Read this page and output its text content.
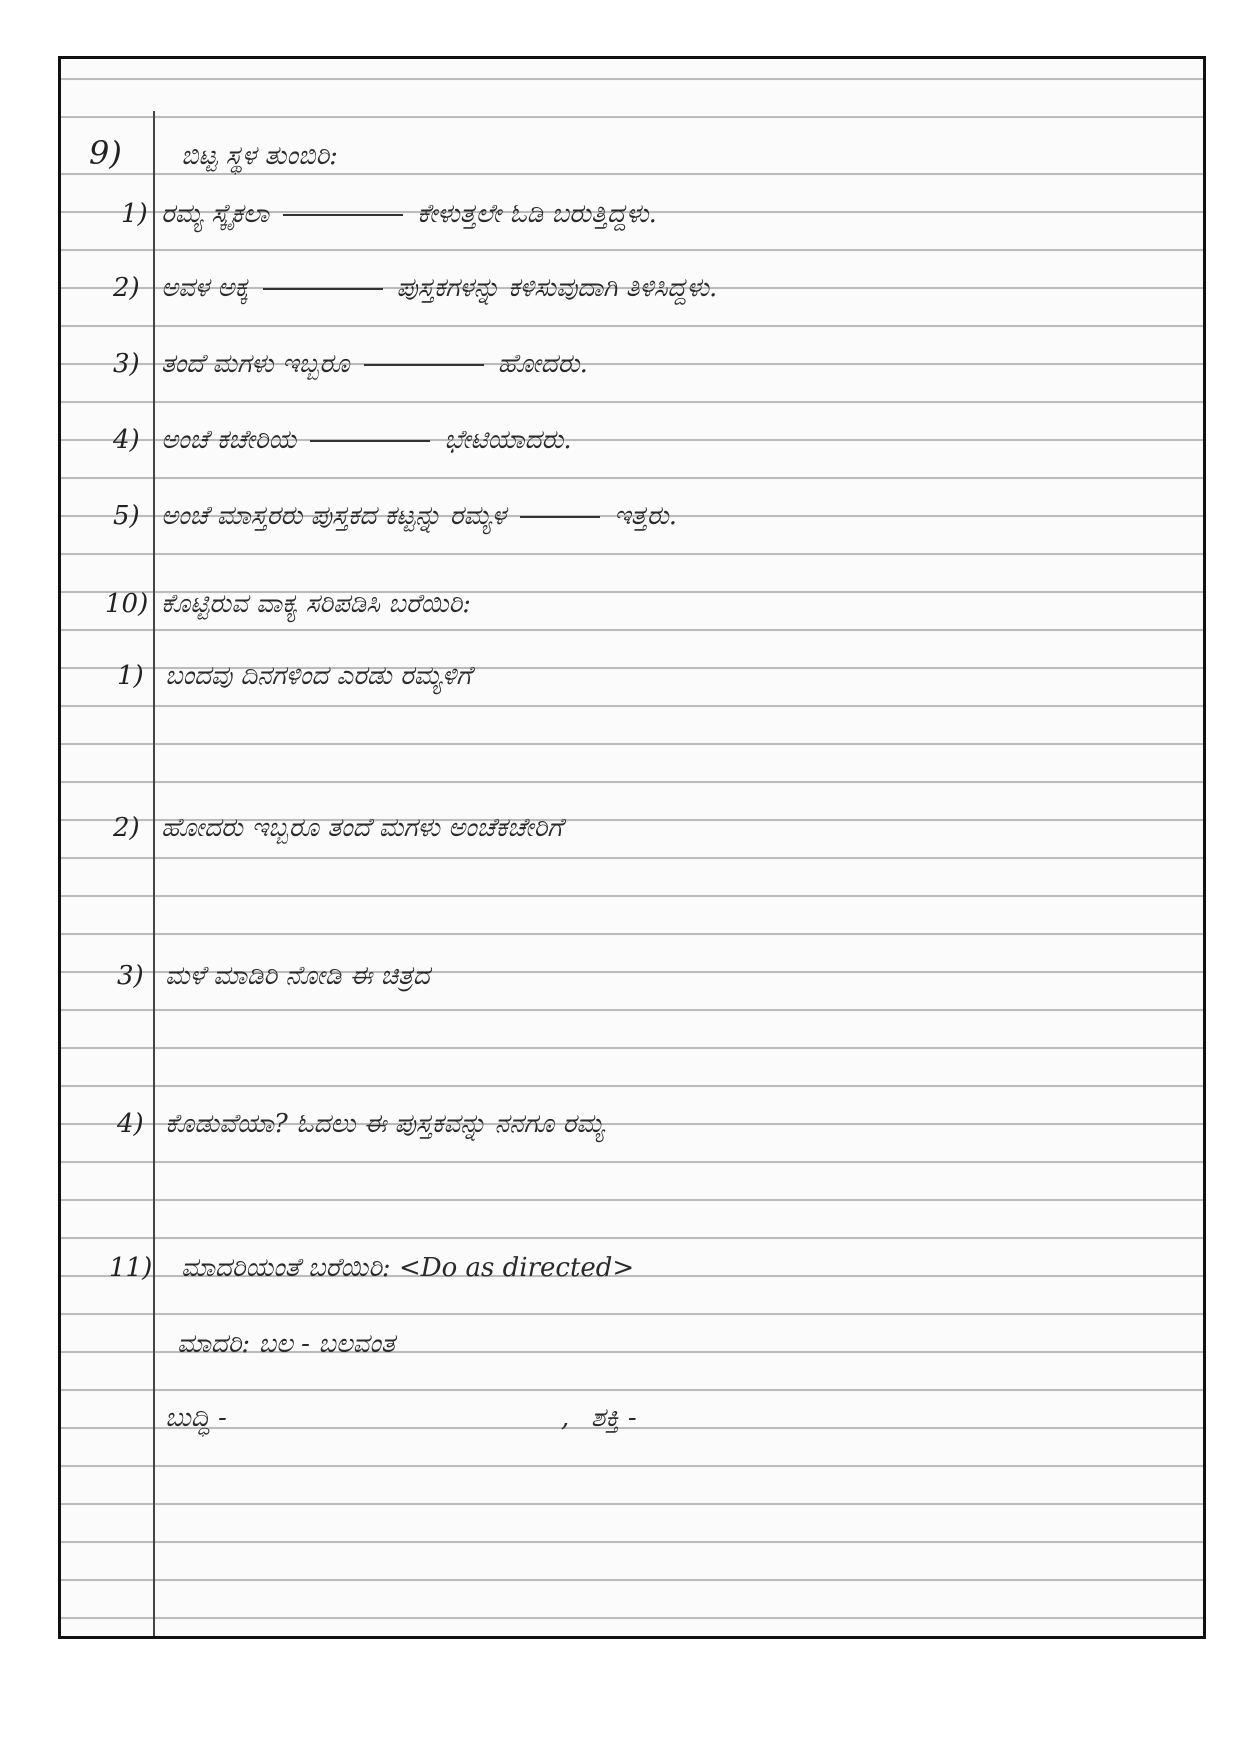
9) ಬಿಟ್ಟ ಸ್ಥಳ ತುಂಬಿರಿ:
1) ರಮ್ಯ ಸ್ಕೈಕಲಾ	ಕೇಳುತ್ತಲೇ ಓಡಿ ಬರುತ್ತಿದ್ದಳು.
2) ಅವಳ ಅಕ್ಕ	ಪುಸ್ತಕಗಳನ್ನು ಕಳಿಸುವುದಾಗಿ ತಿಳಿಸಿದ್ದಳು.
3) ತಂದೆ ಮಗಳು ಇಬ್ಬರೂ	ಹೋದರು.
4) ಅಂಚೆ ಕಚೇರಿಯ	ಭೇಟಿಯಾದರು.
5) ಅಂಚೆ ಮಾಸ್ತರರು ಪುಸ್ತಕದ ಕಟ್ಟನ್ನು ರಮ್ಯಳ	ಇತ್ತರು.
10) ಕೊಟ್ಟಿರುವ ವಾಕ್ಯ ಸರಿಪಡಿಸಿ ಬರೆಯಿರಿ:
1) ಬಂದವು ದಿನಗಳಿಂದ ಎರಡು ರಮ್ಯಳಿಗೆ
2) ಹೋದರು ಇಬ್ಬರೂ ತಂದೆ ಮಗಳು ಅಂಚೆಕಚೇರಿಗೆ
3) ಮಳೆ ಮಾಡಿರಿ ನೋಡಿ ಈ ಚಿತ್ರದ
4) ಕೊಡುವೆಯಾ? ಓದಲು ಈ ಪುಸ್ತಕವನ್ನು ನನಗೂ ರಮ್ಯ
11) ಮಾದರಿಯಂತೆ ಬರೆಯಿರಿ: <Do as directed>
ಮಾದರಿ: ಬಲ - ಬಲವಂತ
ಬುದ್ಧಿ -	, ಶಕ್ತಿ -
